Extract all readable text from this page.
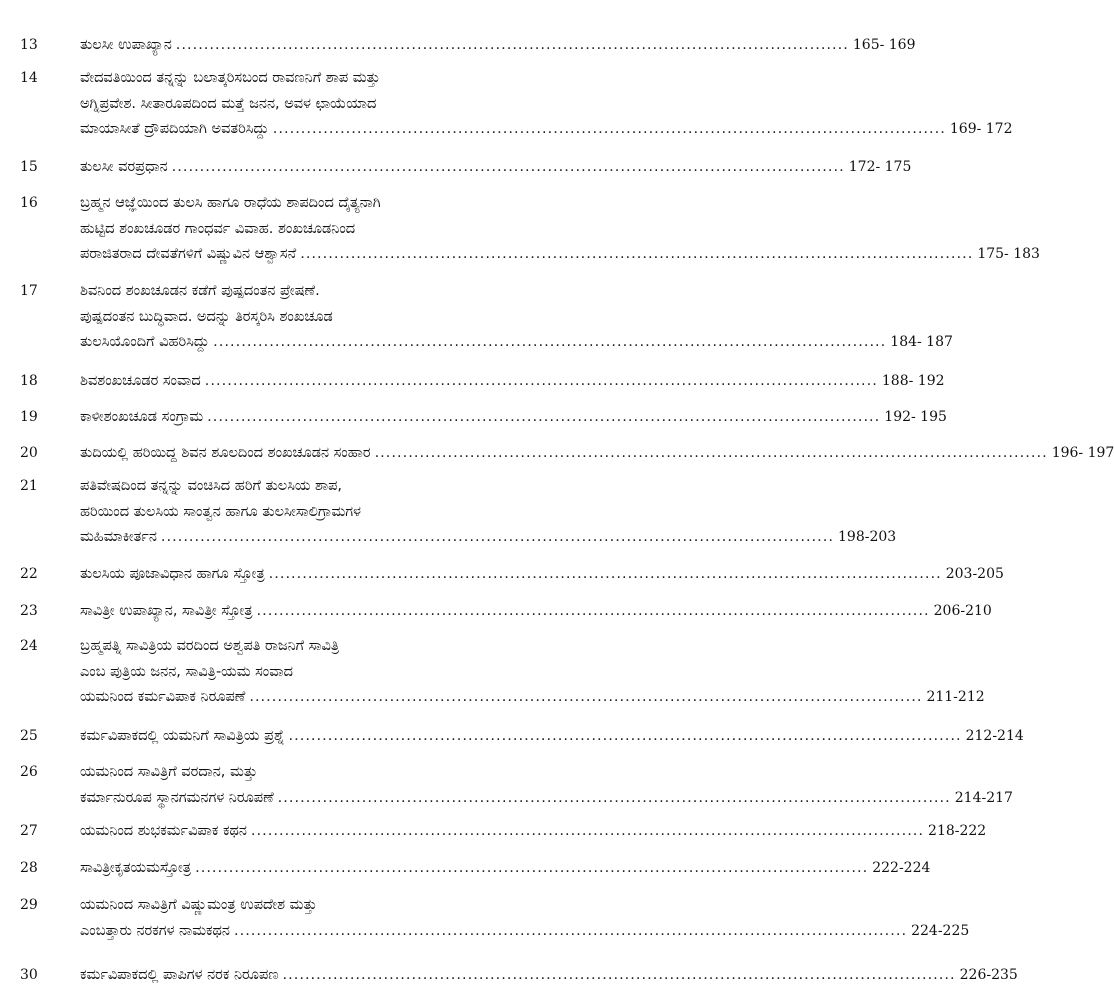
13	ತುಲಸೀ ಉಪಾಖ್ಯಾನ ........................................................................................................................ 165- 169
14	ವೇದವತಿಯಿಂದ ತನ್ನನ್ನು ಬಲಾತ್ಕರಿಸಬಂದ ರಾವಣನಿಗೆ ಶಾಪ ಮತ್ತು
ಅಗ್ನಿಪ್ರವೇಶ. ಸೀತಾರೂಪದಿಂದ ಮತ್ತೆ ಜನನ, ಅವಳ ಛಾಯೆಯಾದ
ಮಾಯಾಸೀತೆ ದ್ರೌಪದಿಯಾಗಿ ಅವತರಿಸಿದ್ದು ........................................................................................................................ 169- 172
15	ತುಲಸೀ ವರಪ್ರಧಾನ ........................................................................................................................ 172- 175
16	ಬ್ರಹ್ಮನ ಆಜ್ಞೆಯಿಂದ ತುಲಸಿ ಹಾಗೂ ರಾಧೆಯ ಶಾಪದಿಂದ ದೈತ್ಯನಾಗಿ
ಹುಟ್ಟಿದ ಶಂಖಚೂಡರ ಗಾಂಧರ್ವ ವಿವಾಹ. ಶಂಖಚೂಡನಿಂದ
ಪರಾಜಿತರಾದ ದೇವತೆಗಳಿಗೆ ವಿಷ್ಣುವಿನ ಆಶ್ವಾಸನೆ ........................................................................................................................ 175- 183
17	ಶಿವನಿಂದ ಶಂಖಚೂಡನ ಕಡೆಗೆ ಪುಷ್ಪದಂತನ ಪ್ರೇಷಣೆ.
ಪುಷ್ಪದಂತನ ಬುದ್ಧಿವಾದ. ಅದನ್ನು ತಿರಸ್ಕರಿಸಿ ಶಂಖಚೂಡ
ತುಲಸಿಯೊಂದಿಗೆ ವಿಹರಿಸಿದ್ದು ........................................................................................................................ 184- 187
18	ಶಿವಶಂಖಚೂಡರ ಸಂವಾದ ........................................................................................................................ 188- 192
19	ಕಾಳೀಶಂಖಚೂಡ ಸಂಗ್ರಾಮ ........................................................................................................................ 192- 195
20	ತುದಿಯಲ್ಲಿ ಹರಿಯಿದ್ದ ಶಿವನ ಶೂಲದಿಂದ ಶಂಖಚೂಡನ ಸಂಹಾರ ........................................................................................................................ 196- 197
21	ಪತಿವೇಷದಿಂದ ತನ್ನನ್ನು ವಂಚಿಸಿದ ಹರಿಗೆ ತುಲಸಿಯ ಶಾಪ,
ಹರಿಯಿಂದ ತುಲಸಿಯ ಸಾಂತ್ವನ ಹಾಗೂ ತುಲಸೀಸಾಲಿಗ್ರಾಮಗಳ
ಮಹಿಮಾಕೀರ್ತನ ........................................................................................................................ 198-203
22	ತುಲಸಿಯ ಪೂಜಾವಿಧಾನ ಹಾಗೂ ಸ್ತೋತ್ರ ........................................................................................................................ 203-205
23	ಸಾವಿತ್ರೀ ಉಪಾಖ್ಯಾನ, ಸಾವಿತ್ರೀ ಸ್ತೋತ್ರ ........................................................................................................................ 206-210
24	ಬ್ರಹ್ಮಪತ್ನಿ ಸಾವಿತ್ರಿಯ ವರದಿಂದ ಅಶ್ವಪತಿ ರಾಜನಿಗೆ ಸಾವಿತ್ರಿ
ಎಂಬ ಪುತ್ರಿಯ ಜನನ, ಸಾವಿತ್ರಿ-ಯಮ ಸಂವಾದ
ಯಮನಿಂದ ಕರ್ಮವಿಪಾಕ ನಿರೂಪಣೆ ........................................................................................................................ 211-212
25	ಕರ್ಮವಿಪಾಕದಲ್ಲಿ ಯಮನಿಗೆ ಸಾವಿತ್ರಿಯ ಪ್ರಶ್ನೆ ........................................................................................................................ 212-214
26	ಯಮನಿಂದ ಸಾವಿತ್ರಿಗೆ ವರದಾನ, ಮತ್ತು
ಕರ್ಮಾನುರೂಪ ಸ್ಥಾನಗಮನಗಳ ನಿರೂಪಣೆ ........................................................................................................................ 214-217
27	ಯಮನಿಂದ ಶುಭಕರ್ಮವಿಪಾಕ ಕಥನ ........................................................................................................................ 218-222
28	ಸಾವಿತ್ರೀಕೃತಯಮಸ್ತೋತ್ರ ........................................................................................................................ 222-224
29	ಯಮನಿಂದ ಸಾವಿತ್ರಿಗೆ ವಿಷ್ಣುಮಂತ್ರ ಉಪದೇಶ ಮತ್ತು
ಎಂಬತ್ತಾರು ನರಕಗಳ ನಾಮಕಥನ ........................................................................................................................ 224-225
30	ಕರ್ಮವಿಪಾಕದಲ್ಲಿ ಪಾಪಿಗಳ ನರಕ ನಿರೂಪಣ ........................................................................................................................ 226-235
